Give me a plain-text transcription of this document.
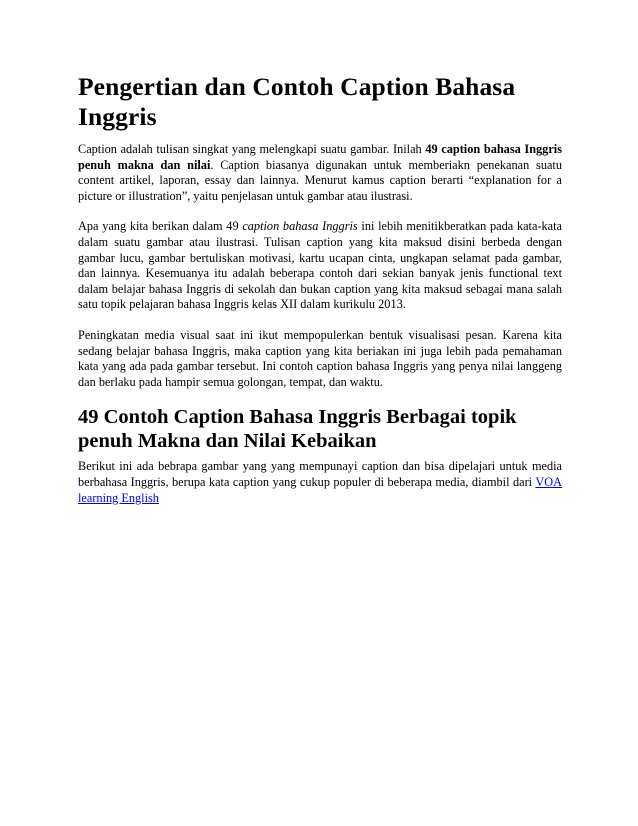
Pengertian dan Contoh Caption Bahasa Inggris

Caption adalah tulisan singkat yang melengkapi suatu gambar. Inilah 49 caption bahasa Inggris penuh makna dan nilai. Caption biasanya digunakan untuk memberiakn penekanan suatu content artikel, laporan, essay dan lainnya. Menurut kamus caption berarti “explanation for a picture or illustration”, yaitu penjelasan untuk gambar atau ilustrasi.

Apa yang kita berikan dalam 49 caption bahasa Inggris ini lebih menitikberatkan pada kata-kata dalam suatu gambar atau ilustrasi. Tulisan caption yang kita maksud disini berbeda dengan gambar lucu, gambar bertuliskan motivasi, kartu ucapan cinta, ungkapan selamat pada gambar, dan lainnya. Kesemuanya itu adalah beberapa contoh dari sekian banyak jenis functional text dalam belajar bahasa Inggris di sekolah dan bukan caption yang kita maksud sebagai mana salah satu topik pelajaran bahasa Inggris kelas XII dalam kurikulu 2013.

Peningkatan media visual saat ini ikut mempopulerkan bentuk visualisasi pesan. Karena kita sedang belajar bahasa Inggris, maka caption yang kita beriakan ini juga lebih pada pemahaman kata yang ada pada gambar tersebut. Ini contoh caption bahasa Inggris yang penya nilai langgeng dan berlaku pada hampir semua golongan, tempat, dan waktu.

49 Contoh Caption Bahasa Inggris Berbagai topik penuh Makna dan Nilai Kebaikan

Berikut ini ada bebrapa gambar yang yang mempunayi caption dan bisa dipelajari untuk media berbahasa Inggris, berupa kata caption yang cukup populer di beberapa media, diambil dari VOA learning English
